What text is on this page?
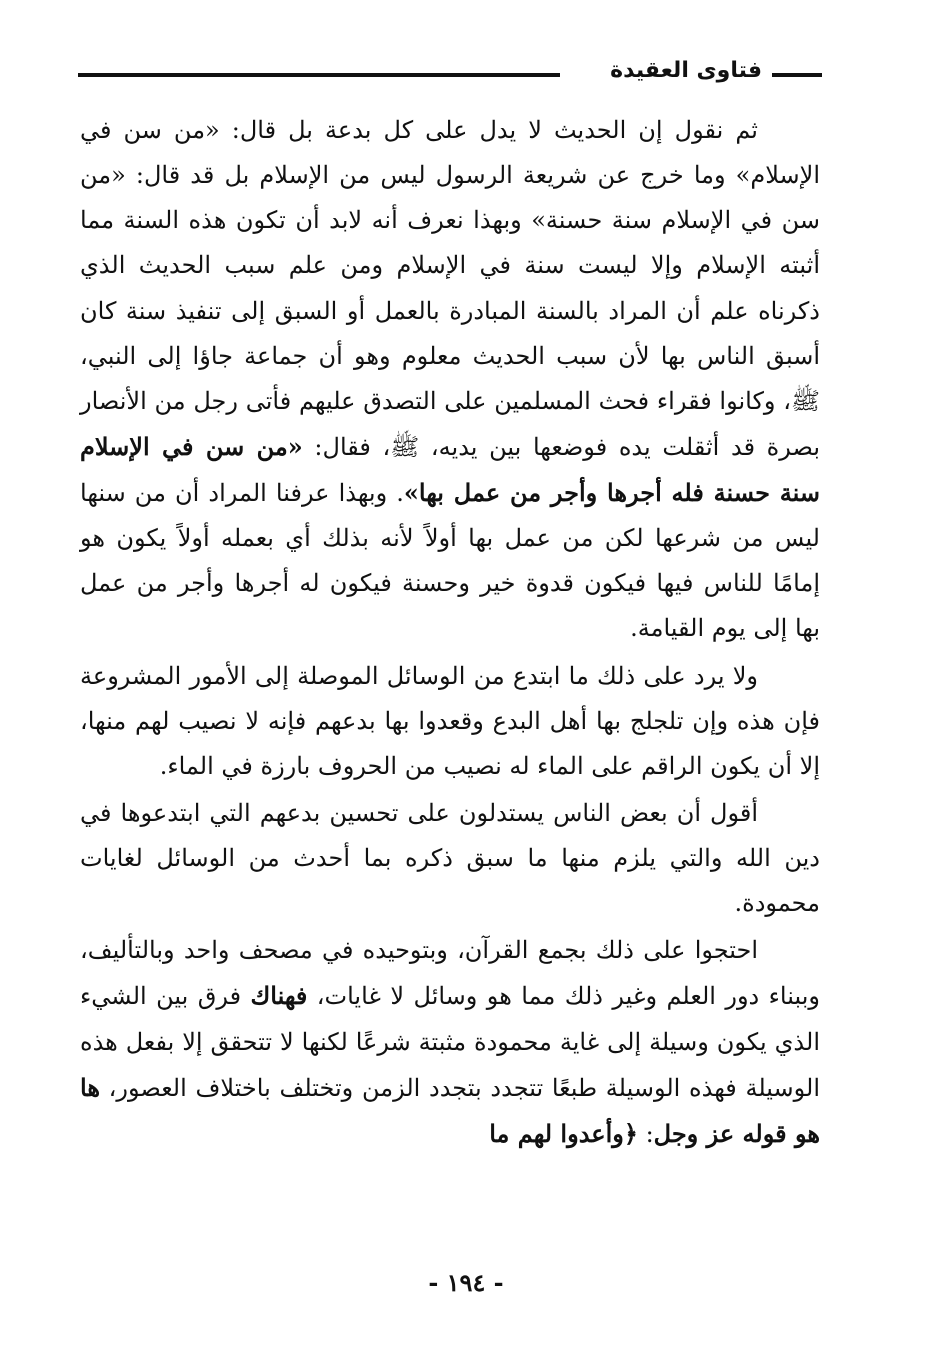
فتاوى العقيدة

ثم نقول إن الحديث لا يدل على كل بدعة بل قال: «من سن في الإسلام» وما خرج عن شريعة الرسول ليس من الإسلام بل قد قال: «من سن في الإسلام سنة حسنة» وبهذا نعرف أنه لابد أن تكون هذه السنة مما أثبته الإسلام وإلا ليست سنة في الإسلام ومن علم سبب الحديث الذي ذكرناه علم أن المراد بالسنة المبادرة بالعمل أو السبق إلى تنفيذ سنة كان أسبق الناس بها لأن سبب الحديث معلوم وهو أن جماعة جاؤا إلى النبي، ﷺ، وكانوا فقراء فحث المسلمين على التصدق عليهم فأتى رجل من الأنصار بصرة قد أثقلت يده فوضعها بين يديه، ﷺ، فقال: «من سن في الإسلام سنة حسنة فله أجرها وأجر من عمل بها». وبهذا عرفنا المراد أن من سنها ليس من شرعها لكن من عمل بها أولاً لأنه بذلك أي بعمله أولاً يكون هو إمامًا للناس فيها فيكون قدوة خير وحسنة فيكون له أجرها وأجر من عمل بها إلى يوم القيامة.

ولا يرد على ذلك ما ابتدع من الوسائل الموصلة إلى الأمور المشروعة فإن هذه وإن تلجلج بها أهل البدع وقعدوا بها بدعهم فإنه لا نصيب لهم منها، إلا أن يكون الراقم على الماء له نصيب من الحروف بارزة في الماء.

أقول أن بعض الناس يستدلون على تحسين بدعهم التي ابتدعوها في دين الله والتي يلزم منها ما سبق ذكره بما أحدث من الوسائل لغايات محمودة.

احتجوا على ذلك بجمع القرآن، وبتوحيده في مصحف واحد وبالتأليف، وببناء دور العلم وغير ذلك مما هو وسائل لا غايات، فهناك فرق بين الشيء الذي يكون وسيلة إلى غاية محمودة مثبتة شرعًا لكنها لا تتحقق إلا بفعل هذه الوسيلة فهذه الوسيلة طبعًا تتجدد بتجدد الزمن وتختلف باختلاف العصور، ها هو قوله عز وجل: ﴿وأعدوا لهم ما

- ١٩٤ -
